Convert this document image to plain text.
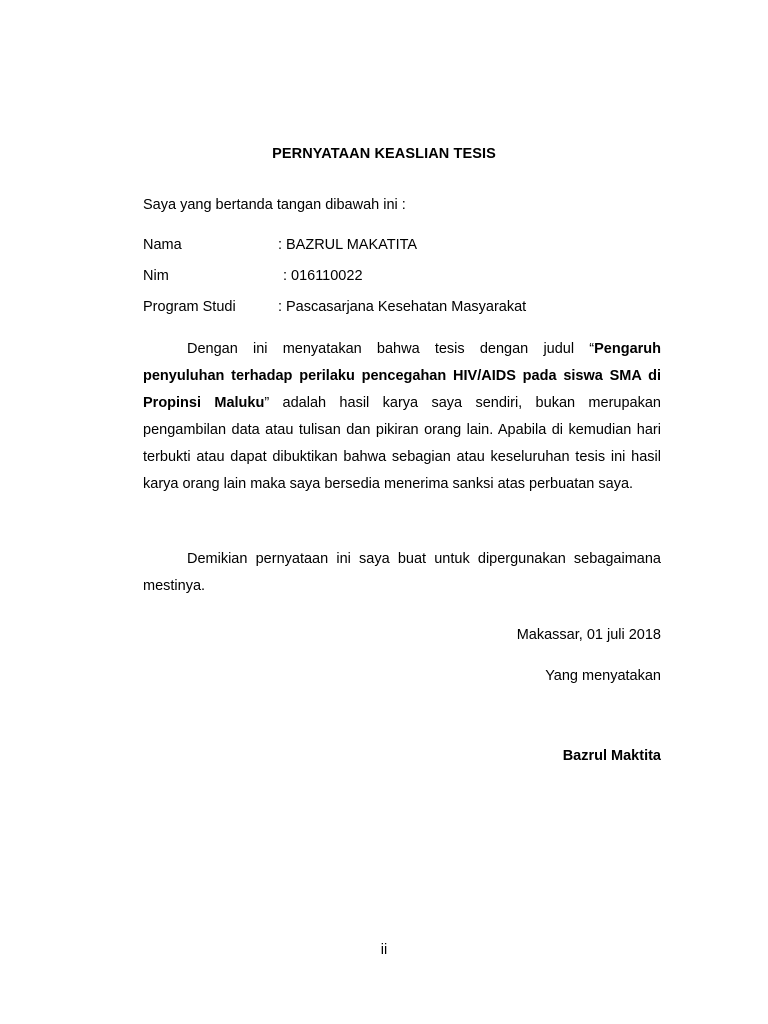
PERNYATAAN KEASLIAN TESIS
Saya yang bertanda tangan dibawah ini :
Nama	: BAZRUL MAKATITA
Nim	: 016110022
Program Studi	: Pascasarjana Kesehatan Masyarakat

Dengan ini menyatakan bahwa tesis dengan judul “Pengaruh penyuluhan terhadap perilaku pencegahan HIV/AIDS pada siswa SMA di Propinsi Maluku” adalah hasil karya saya sendiri, bukan merupakan pengambilan data atau tulisan dan pikiran orang lain. Apabila di kemudian hari terbukti atau dapat dibuktikan bahwa sebagian atau keseluruhan tesis ini hasil karya orang lain maka saya bersedia menerima sanksi atas perbuatan saya.

Demikian pernyataan ini saya buat untuk dipergunakan sebagaimana mestinya.

Makassar, 01 juli 2018
Yang menyatakan
Bazrul Maktita
ii
